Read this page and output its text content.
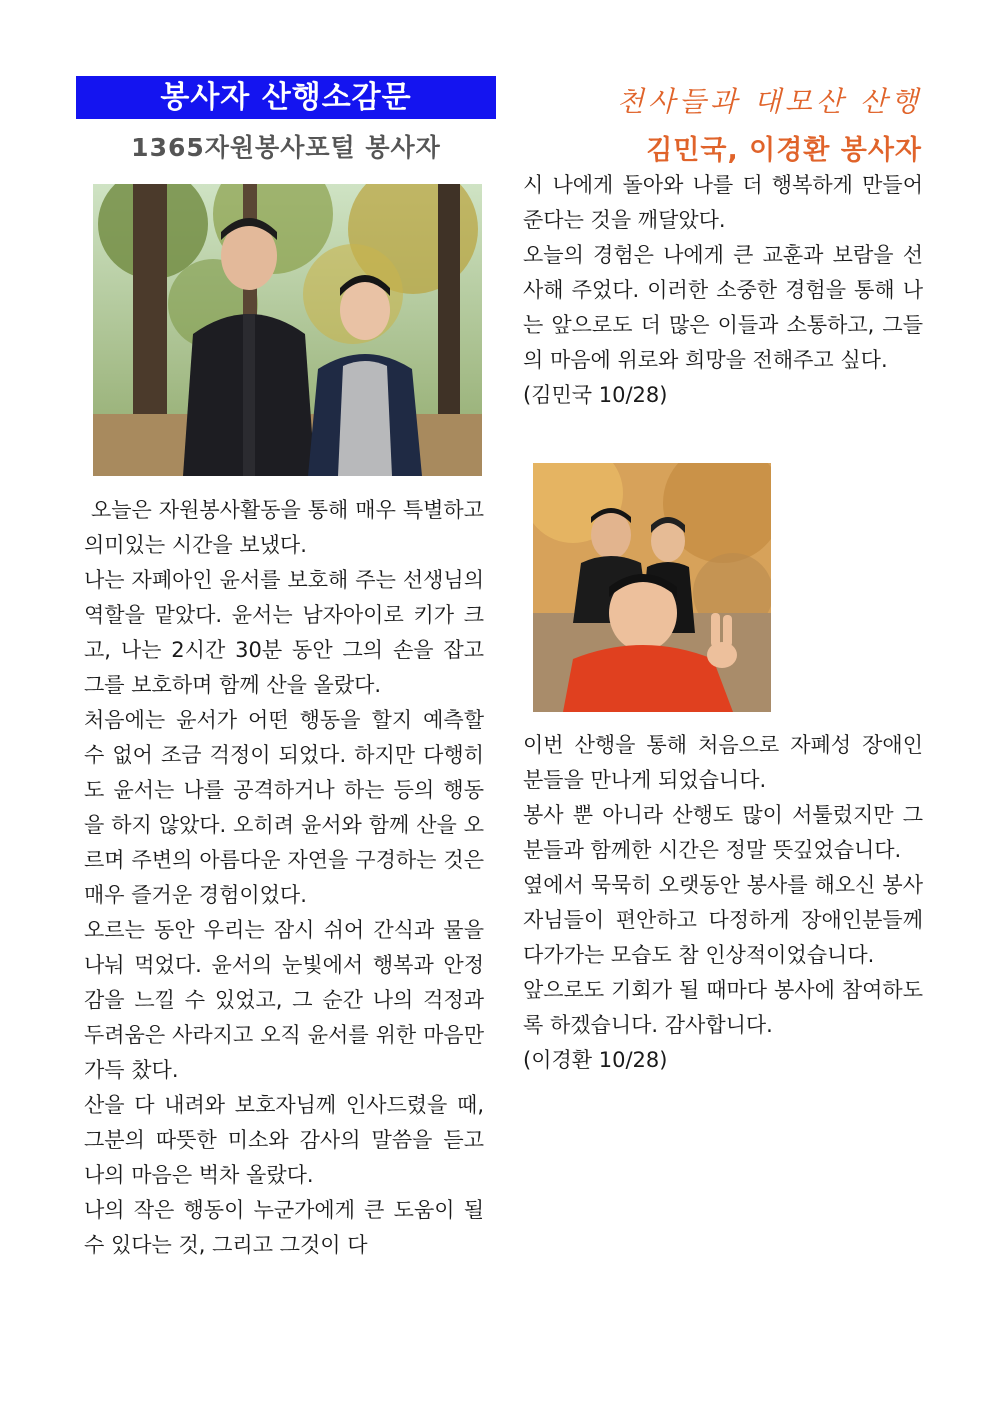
봉사자 산행소감문
1365자원봉사포털 봉사자
천사들과 대모산 산행
김민국, 이경환 봉사자

오늘은 자원봉사활동을 통해 매우 특별하고 의미있는 시간을 보냈다.

나는 자폐아인 윤서를 보호해 주는 선생님의 역할을 맡았다. 윤서는 남자아이로 키가 크고, 나는 2시간 30분 동안 그의 손을 잡고 그를 보호하며 함께 산을 올랐다.

처음에는 윤서가 어떤 행동을 할지 예측할 수 없어 조금 걱정이 되었다. 하지만 다행히도 윤서는 나를 공격하거나 하는 등의 행동을 하지 않았다. 오히려 윤서와 함께 산을 오르며 주변의 아름다운 자연을 구경하는 것은 매우 즐거운 경험이었다.

오르는 동안 우리는 잠시 쉬어 간식과 물을 나눠 먹었다. 윤서의 눈빛에서 행복과 안정감을 느낄 수 있었고, 그 순간 나의 걱정과 두려움은 사라지고 오직 윤서를 위한 마음만 가득 찼다.

산을 다 내려와 보호자님께 인사드렸을 때, 그분의 따뜻한 미소와 감사의 말씀을 듣고 나의 마음은 벅차 올랐다.

나의 작은 행동이 누군가에게 큰 도움이 될 수 있다는 것, 그리고 그것이 다

시 나에게 돌아와 나를 더 행복하게 만들어 준다는 것을 깨달았다.

오늘의 경험은 나에게 큰 교훈과 보람을 선사해 주었다. 이러한 소중한 경험을 통해 나는 앞으로도 더 많은 이들과 소통하고, 그들의 마음에 위로와 희망을 전해주고 싶다.

(김민국 10/28)

이번 산행을 통해 처음으로 자폐성 장애인 분들을 만나게 되었습니다.

봉사 뿐 아니라 산행도 많이 서툴렀지만 그 분들과 함께한 시간은 정말 뜻깊었습니다.

옆에서 묵묵히 오랫동안 봉사를 해오신 봉사자님들이 편안하고 다정하게 장애인분들께 다가가는 모습도 참 인상적이었습니다.

앞으로도 기회가 될 때마다 봉사에 참여하도록 하겠습니다. 감사합니다.

(이경환 10/28)
